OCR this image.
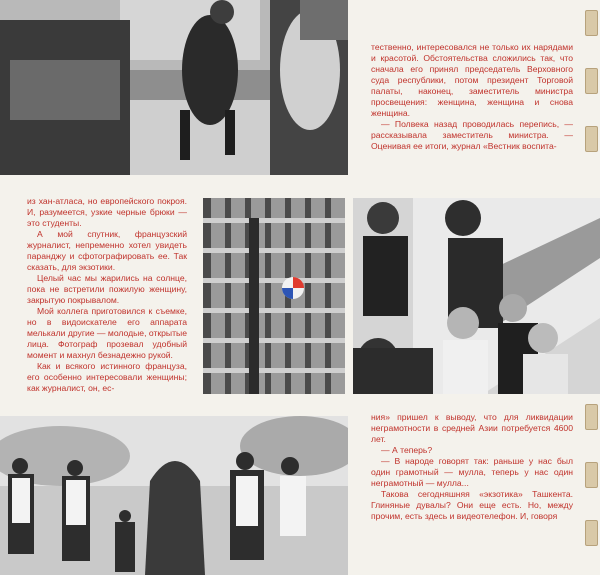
тественно, интересовался не только их нарядами и красотой. Обстоятельства сложились так, что сначала его принял председатель Верховного суда республики, потом президент Торговой палаты, наконец, заместитель министра просвещения: женщина, женщина и снова женщина.

— Полвека назад проводилась перепись, — рассказывала заместитель министра. — Оценивая ее итоги, журнал «Вестник воспита-

из хан-атласа, но европейского покроя. И, разумеется, узкие черные брюки — это студенты.

А мой спутник, французский журналист, непременно хотел увидеть паранджу и сфотографировать ее. Так сказать, для экзотики.

Целый час мы жарились на солнце, пока не встретили пожилую женщину, закрытую покрывалом.

Мой коллега приготовился к съемке, но в видоискателе его аппарата мелькали другие — молодые, открытые лица. Фотограф прозевал удобный момент и махнул безнадежно рукой.

Как и всякого истинного француза, его особенно интересовали женщины; как журналист, он, ес-

ния» пришел к выводу, что для ликвидации неграмотности в средней Азии потребуется 4600 лет.

— А теперь?

— В народе говорят так: раньше у нас был один грамотный — мулла, теперь у нас один неграмотный — мулла...

Такова сегодняшняя «экзотика» Ташкента. Глиняные дувалы? Они еще есть. Но, между прочим, есть здесь и видеотелефон. И, говоря
